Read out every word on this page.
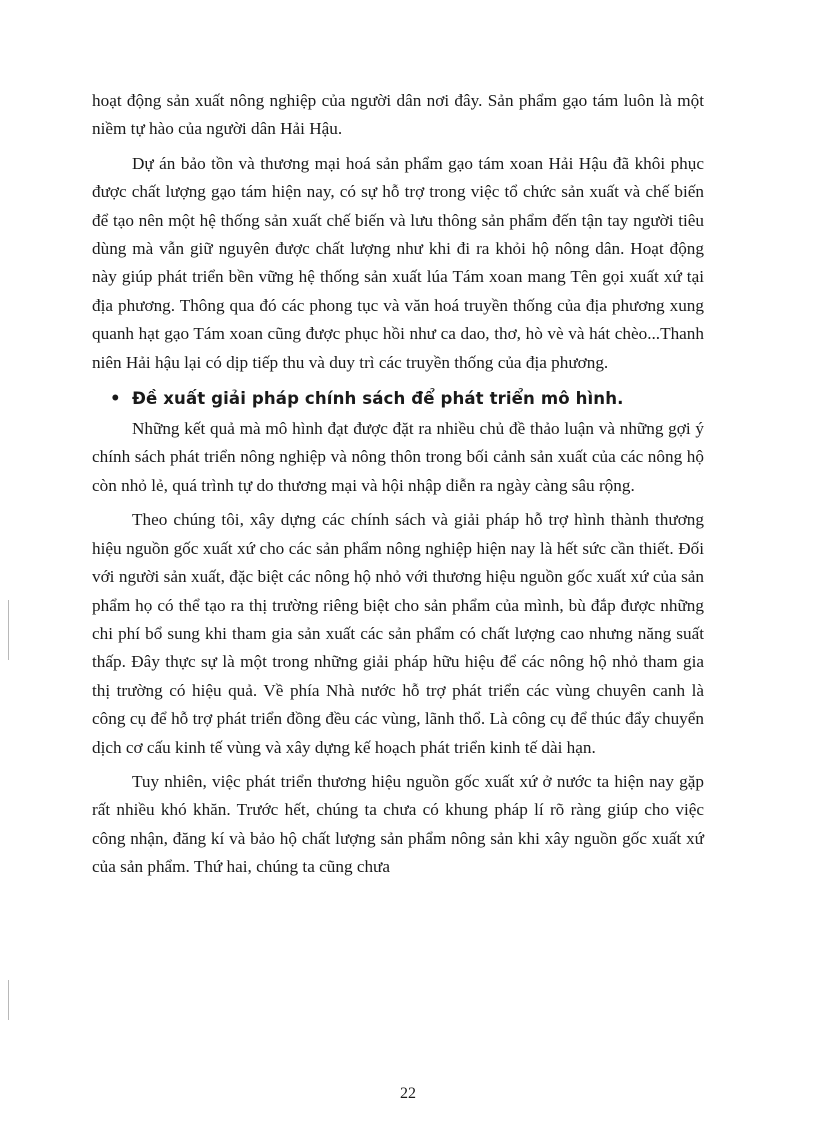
hoạt động sản xuất nông nghiệp của người dân nơi đây. Sản phẩm gạo tám luôn là một niềm tự hào của người dân Hải Hậu.

Dự án bảo tồn và thương mại hoá sản phẩm gạo tám xoan Hải Hậu đã khôi phục được chất lượng gạo tám hiện nay, có sự hỗ trợ trong việc tổ chức sản xuất và chế biến để tạo nên một hệ thống sản xuất chế biến và lưu thông sản phẩm đến tận tay người tiêu dùng mà vẫn giữ nguyên được chất lượng như khi đi ra khỏi hộ nông dân. Hoạt động này giúp phát triển bền vững hệ thống sản xuất lúa Tám xoan mang Tên gọi xuất xứ tại địa phương. Thông qua đó các phong tục và văn hoá truyền thống của địa phương xung quanh hạt gạo Tám xoan cũng được phục hồi như ca dao, thơ, hò vè và hát chèo...Thanh niên Hải hậu lại có dịp tiếp thu và duy trì các truyền thống của địa phương.

• Đề xuất giải pháp chính sách để phát triển mô hình.

Những kết quả mà mô hình đạt được đặt ra nhiều chủ đề thảo luận và những gợi ý chính sách phát triển nông nghiệp và nông thôn trong bối cảnh sản xuất của các nông hộ còn nhỏ lẻ, quá trình tự do thương mại và hội nhập diễn ra ngày càng sâu rộng.

Theo chúng tôi, xây dựng các chính sách và giải pháp hỗ trợ hình thành thương hiệu nguồn gốc xuất xứ cho các sản phẩm nông nghiệp hiện nay là hết sức cần thiết. Đối với người sản xuất, đặc biệt các nông hộ nhỏ với thương hiệu nguồn gốc xuất xứ của sản phẩm họ có thể tạo ra thị trường riêng biệt cho sản phẩm của mình, bù đắp được những chi phí bổ sung khi tham gia sản xuất các sản phẩm có chất lượng cao nhưng năng suất thấp. Đây thực sự là một trong những giải pháp hữu hiệu để các nông hộ nhỏ tham gia thị trường có hiệu quả. Về phía Nhà nước hỗ trợ phát triển các vùng chuyên canh là công cụ để hỗ trợ phát triển đồng đều các vùng, lãnh thổ. Là công cụ để thúc đẩy chuyển dịch cơ cấu kinh tế vùng và xây dựng kế hoạch phát triển kinh tế dài hạn.

Tuy nhiên, việc phát triển thương hiệu nguồn gốc xuất xứ ở nước ta hiện nay gặp rất nhiều khó khăn. Trước hết, chúng ta chưa có khung pháp lí rõ ràng giúp cho việc công nhận, đăng kí và bảo hộ chất lượng sản phẩm nông sản khi xây nguồn gốc xuất xứ của sản phẩm. Thứ hai, chúng ta cũng chưa

22
